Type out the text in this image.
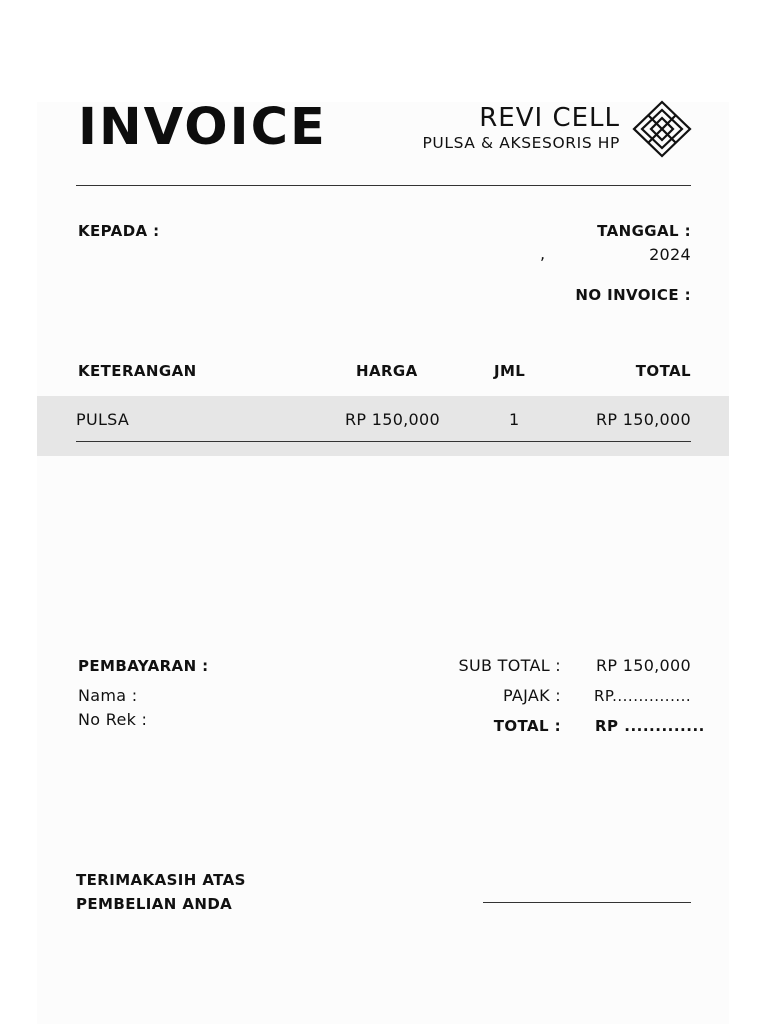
INVOICE	REVI CELL
PULSA & AKSESORIS HP
KEPADA :	TANGGAL :
,	2024
NO INVOICE :
KETERANGAN	HARGA	JML	TOTAL
PULSA	RP 150,000	1	RP 150,000
PEMBAYARAN :
Nama :
No Rek :
SUB TOTAL : RP 150,000
PAJAK : RP...............
TOTAL : RP .............
TERIMAKASIH ATAS
PEMBELIAN ANDA
